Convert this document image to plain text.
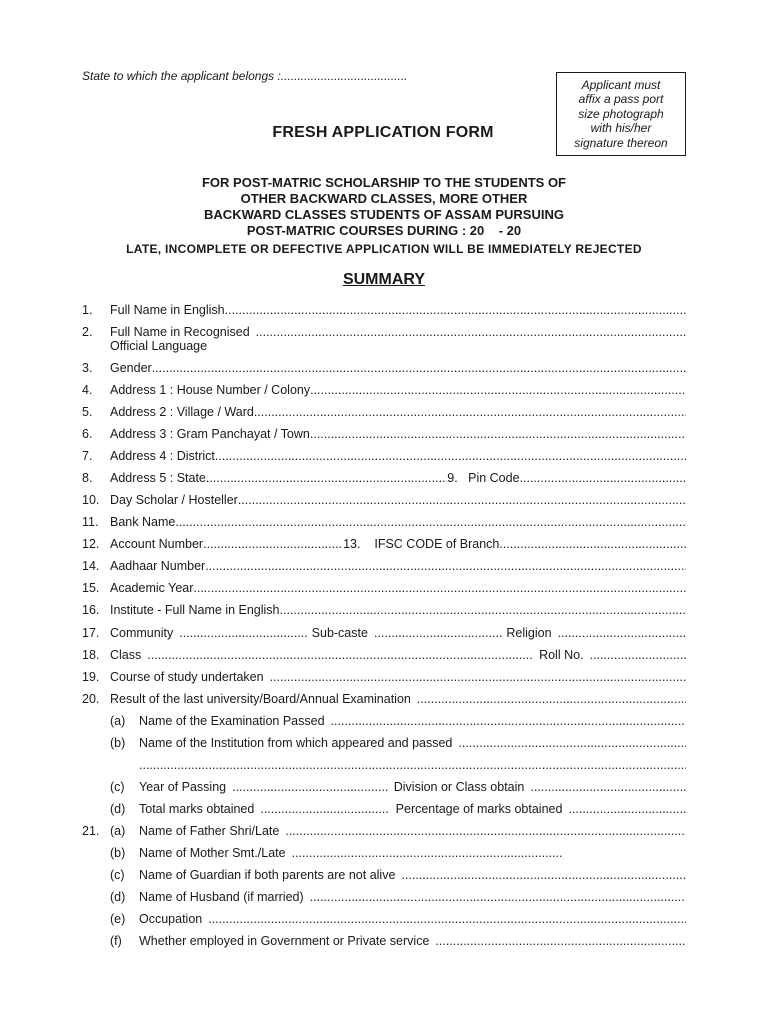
State to which the applicant belongs :......................................
Applicant must
affix a pass port
size photograph
with his/her
signature thereon
FRESH APPLICATION FORM
FOR POST-MATRIC SCHOLARSHIP TO THE STUDENTS OF
OTHER BACKWARD CLASSES, MORE OTHER
BACKWARD CLASSES STUDENTS OF ASSAM PURSUING
POST-MATRIC COURSES DURING : 20    - 20
LATE, INCOMPLETE OR DEFECTIVE APPLICATION WILL BE IMMEDIATELY REJECTED
SUMMARY
1. Full Name in English
.....
2. Full Name in Recognised
.....
Official Language
3. Gender
.....
4. Address 1 : House Number / Colony
.....
5. Address 2 : Village / Ward
.....
6. Address 3 : Gram Panchayat / Town
.....
7. Address 4 : District
.....
8. Address 5 : State .....	9.   Pin Code
.....
10. Day Scholar / Hosteller
.....
11. Bank Name
.....
12. Account Number .....	13.    IFSC CODE of Branch
.....
14. Aadhaar Number
.....
15. Academic Year
.....
16. Institute - Full Name in English
.....
17. Community .....	Sub-caste .....	Religion
.....
18. Class .....	Roll No.
.....
19. Course of study undertaken
.....
20. Result of the last university/Board/Annual Examination
.....
(a) Name of the Examination Passed
.....
(b) Name of the Institution from which appeared and passed
.....
.....
(c) Year of Passing .....	Division or Class obtain
.....
(d) Total marks obtained .....	Percentage of marks obtained
.....
21. (a) Name of Father Shri/Late
.....
(b) Name of Mother Smt./Late
.....
(c) Name of Guardian if both parents are not alive
.....
(d) Name of Husband (if married)
.....
(e) Occupation
.....
(f) Whether employed in Government or Private service
.....
